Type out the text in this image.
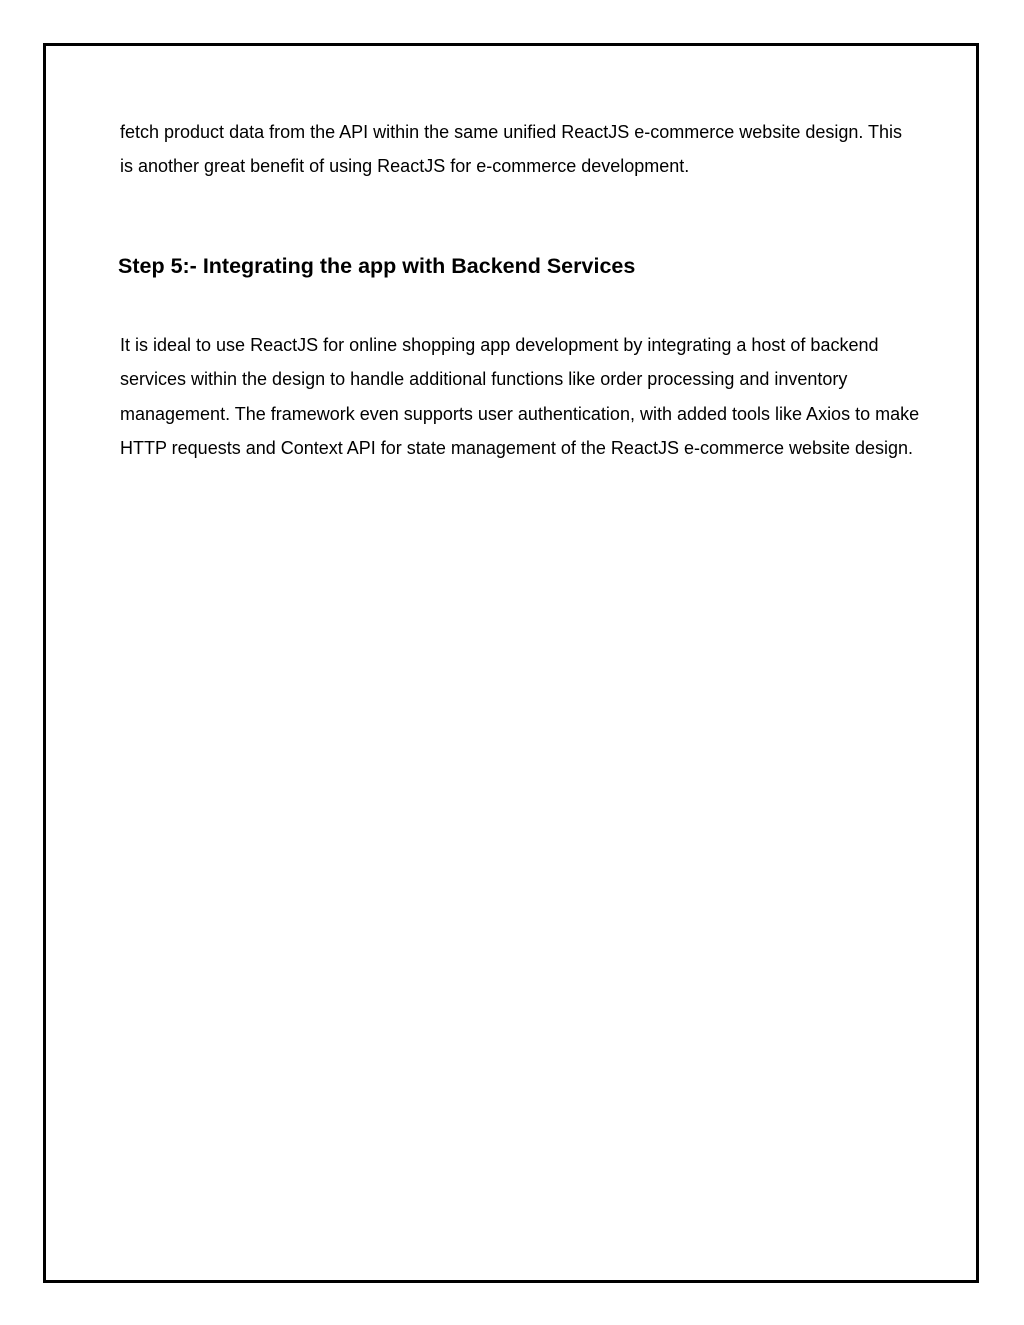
fetch product data from the API within the same unified ReactJS e-commerce website design. This is another great benefit of using ReactJS for e-commerce development.

Step 5:- Integrating the app with Backend Services

It is ideal to use ReactJS for online shopping app development by integrating a host of backend services within the design to handle additional functions like order processing and inventory management. The framework even supports user authentication, with added tools like Axios to make HTTP requests and Context API for state management of the ReactJS e-commerce website design.
